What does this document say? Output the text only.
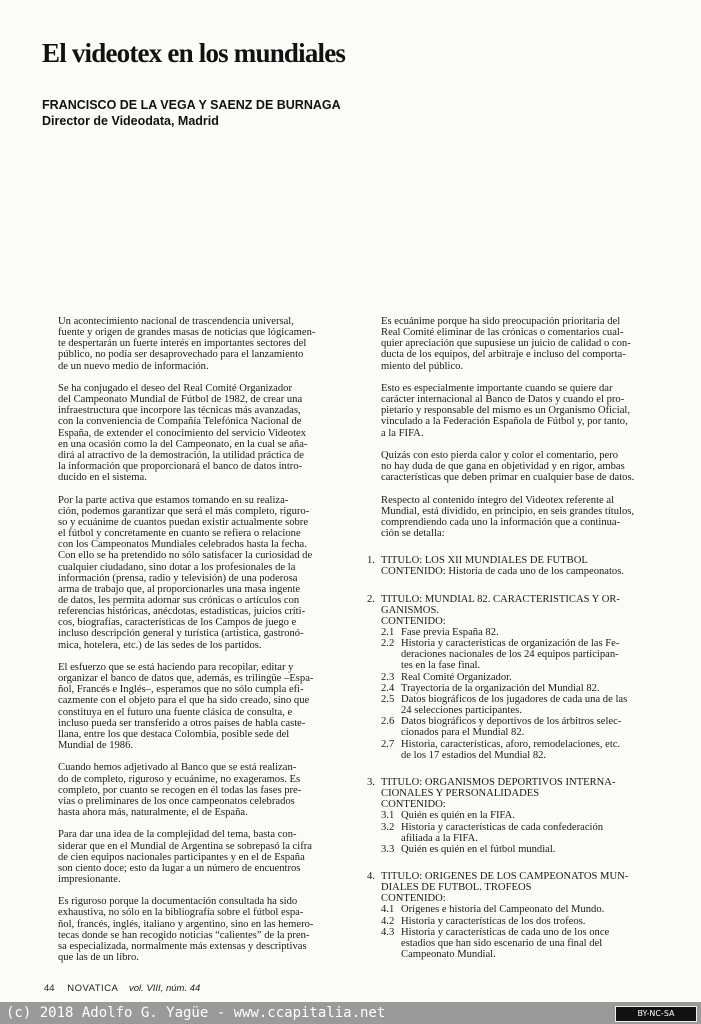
El videotex en los mundiales
FRANCISCO DE LA VEGA Y SAENZ DE BURNAGA
Director de Videodata, Madrid
Un acontecimiento nacional de trascendencia universal,
fuente y origen de grandes masas de noticias que lógicamen-
te despertarán un fuerte interés en importantes sectores del
público, no podía ser desaprovechado para el lanzamiento
de un nuevo medio de información.
Se ha conjugado el deseo del Real Comité Organizador
del Campeonato Mundial de Fútbol de 1982, de crear una
infraestructura que incorpore las técnicas más avanzadas,
con la conveniencia de Compañía Telefónica Nacional de
España, de extender el conocimiento del servicio Videotex
en una ocasión como la del Campeonato, en la cual se aña-
dirá al atractivo de la demostración, la utilidad práctica de
la información que proporcionará el banco de datos intro-
ducido en el sistema.
Por la parte activa que estamos tomando en su realiza-
ción, podemos garantizar que será el más completo, riguro-
so y ecuánime de cuantos puedan existir actualmente sobre
el fútbol y concretamente en cuanto se refiera o relacione
con los Campeonatos Mundiales celebrados hasta la fecha.
Con ello se ha pretendido no sólo satisfacer la curiosidad de
cualquier ciudadano, sino dotar a los profesionales de la
información (prensa, radio y televisión) de una poderosa
arma de trabajo que, al proporcionarles una masa ingente
de datos, les permita adornar sus crónicas o artículos con
referencias históricas, anécdotas, estadísticas, juicios críti-
cos, biografías, características de los Campos de juego e
incluso descripción general y turística (artística, gastronó-
mica, hotelera, etc.) de las sedes de los partidos.
El esfuerzo que se está haciendo para recopilar, editar y
organizar el banco de datos que, además, es trilingüe –Espa-
ñol, Francés e Inglés–, esperamos que no sólo cumpla efi-
cazmente con el objeto para el que ha sido creado, sino que
constituya en el futuro una fuente clásica de consulta, e
incluso pueda ser transferido a otros países de habla caste-
llana, entre los que destaca Colombia, posible sede del
Mundial de 1986.
Cuando hemos adjetivado al Banco que se está realizan-
do de completo, riguroso y ecuánime, no exageramos. Es
completo, por cuanto se recogen en él todas las fases pre-
vias o preliminares de los once campeonatos celebrados
hasta ahora más, naturalmente, el de España.
Para dar una idea de la complejidad del tema, basta con-
siderar que en el Mundial de Argentina se sobrepasó la cifra
de cien equipos nacionales participantes y en el de España
son ciento doce; esto da lugar a un número de encuentros
impresionante.
Es riguroso porque la documentación consultada ha sido
exhaustiva, no sólo en la bibliografía sobre el fútbol espa-
ñol, francés, inglés, italiano y argentino, sino en las hemero-
tecas donde se han recogido noticias “calientes” de la pren-
sa especializada, normalmente más extensas y descriptivas
que las de un libro.
Es ecuánime porque ha sido preocupación prioritaria del
Real Comité eliminar de las crónicas o comentarios cual-
quier apreciación que supusiese un juicio de calidad o con-
ducta de los equipos, del arbitraje e incluso del comporta-
miento del público.
Esto es especialmente importante cuando se quiere dar
carácter internacional al Banco de Datos y cuando el pro-
pietario y responsable del mismo es un Organismo Oficial,
vinculado a la Federación Española de Fútbol y, por tanto,
a la FIFA.
Quizás con esto pierda calor y color el comentario, pero
no hay duda de que gana en objetividad y en rigor, ambas
características que deben primar en cualquier base de datos.
Respecto al contenido íntegro del Videotex referente al
Mundial, está dividido, en principio, en seis grandes títulos,
comprendiendo cada uno la información que a continua-
ción se detalla:
1. TITULO: LOS XII MUNDIALES DE FUTBOL
CONTENIDO: Historia de cada uno de los campeonatos.
2. TITULO: MUNDIAL 82. CARACTERISTICAS Y OR-
GANISMOS.
CONTENIDO:
2.1 Fase previa España 82.
2.2 Historia y características de organización de las Fe-
deraciones nacionales de los 24 equipos participan-
tes en la fase final.
2.3 Real Comité Organizador.
2.4 Trayectoria de la organización del Mundial 82.
2.5 Datos biográficos de los jugadores de cada una de las
24 selecciones participantes.
2.6 Datos biográficos y deportivos de los árbitros selec-
cionados para el Mundial 82.
2.7 Historia, características, aforo, remodelaciones, etc.
de los 17 estadios del Mundial 82.
3. TITULO: ORGANISMOS DEPORTIVOS INTERNA-
CIONALES Y PERSONALIDADES
CONTENIDO:
3.1 Quién es quién en la FIFA.
3.2 Historia y características de cada confederación
afiliada a la FIFA.
3.3 Quién es quién en el fútbol mundial.
4. TITULO: ORIGENES DE LOS CAMPEONATOS MUN-
DIALES DE FUTBOL. TROFEOS
CONTENIDO:
4.1 Orígenes e historia del Campeonato del Mundo.
4.2 Historia y características de los dos trofeos.
4.3 Historia y características de cada uno de los once
estadios que han sido escenario de una final del
Campeonato Mundial.
44 NOVATICA vol. VIII, núm. 44
(c) 2018 Adolfo G. Yagüe - www.ccapitalia.net	BY-NC-SA
